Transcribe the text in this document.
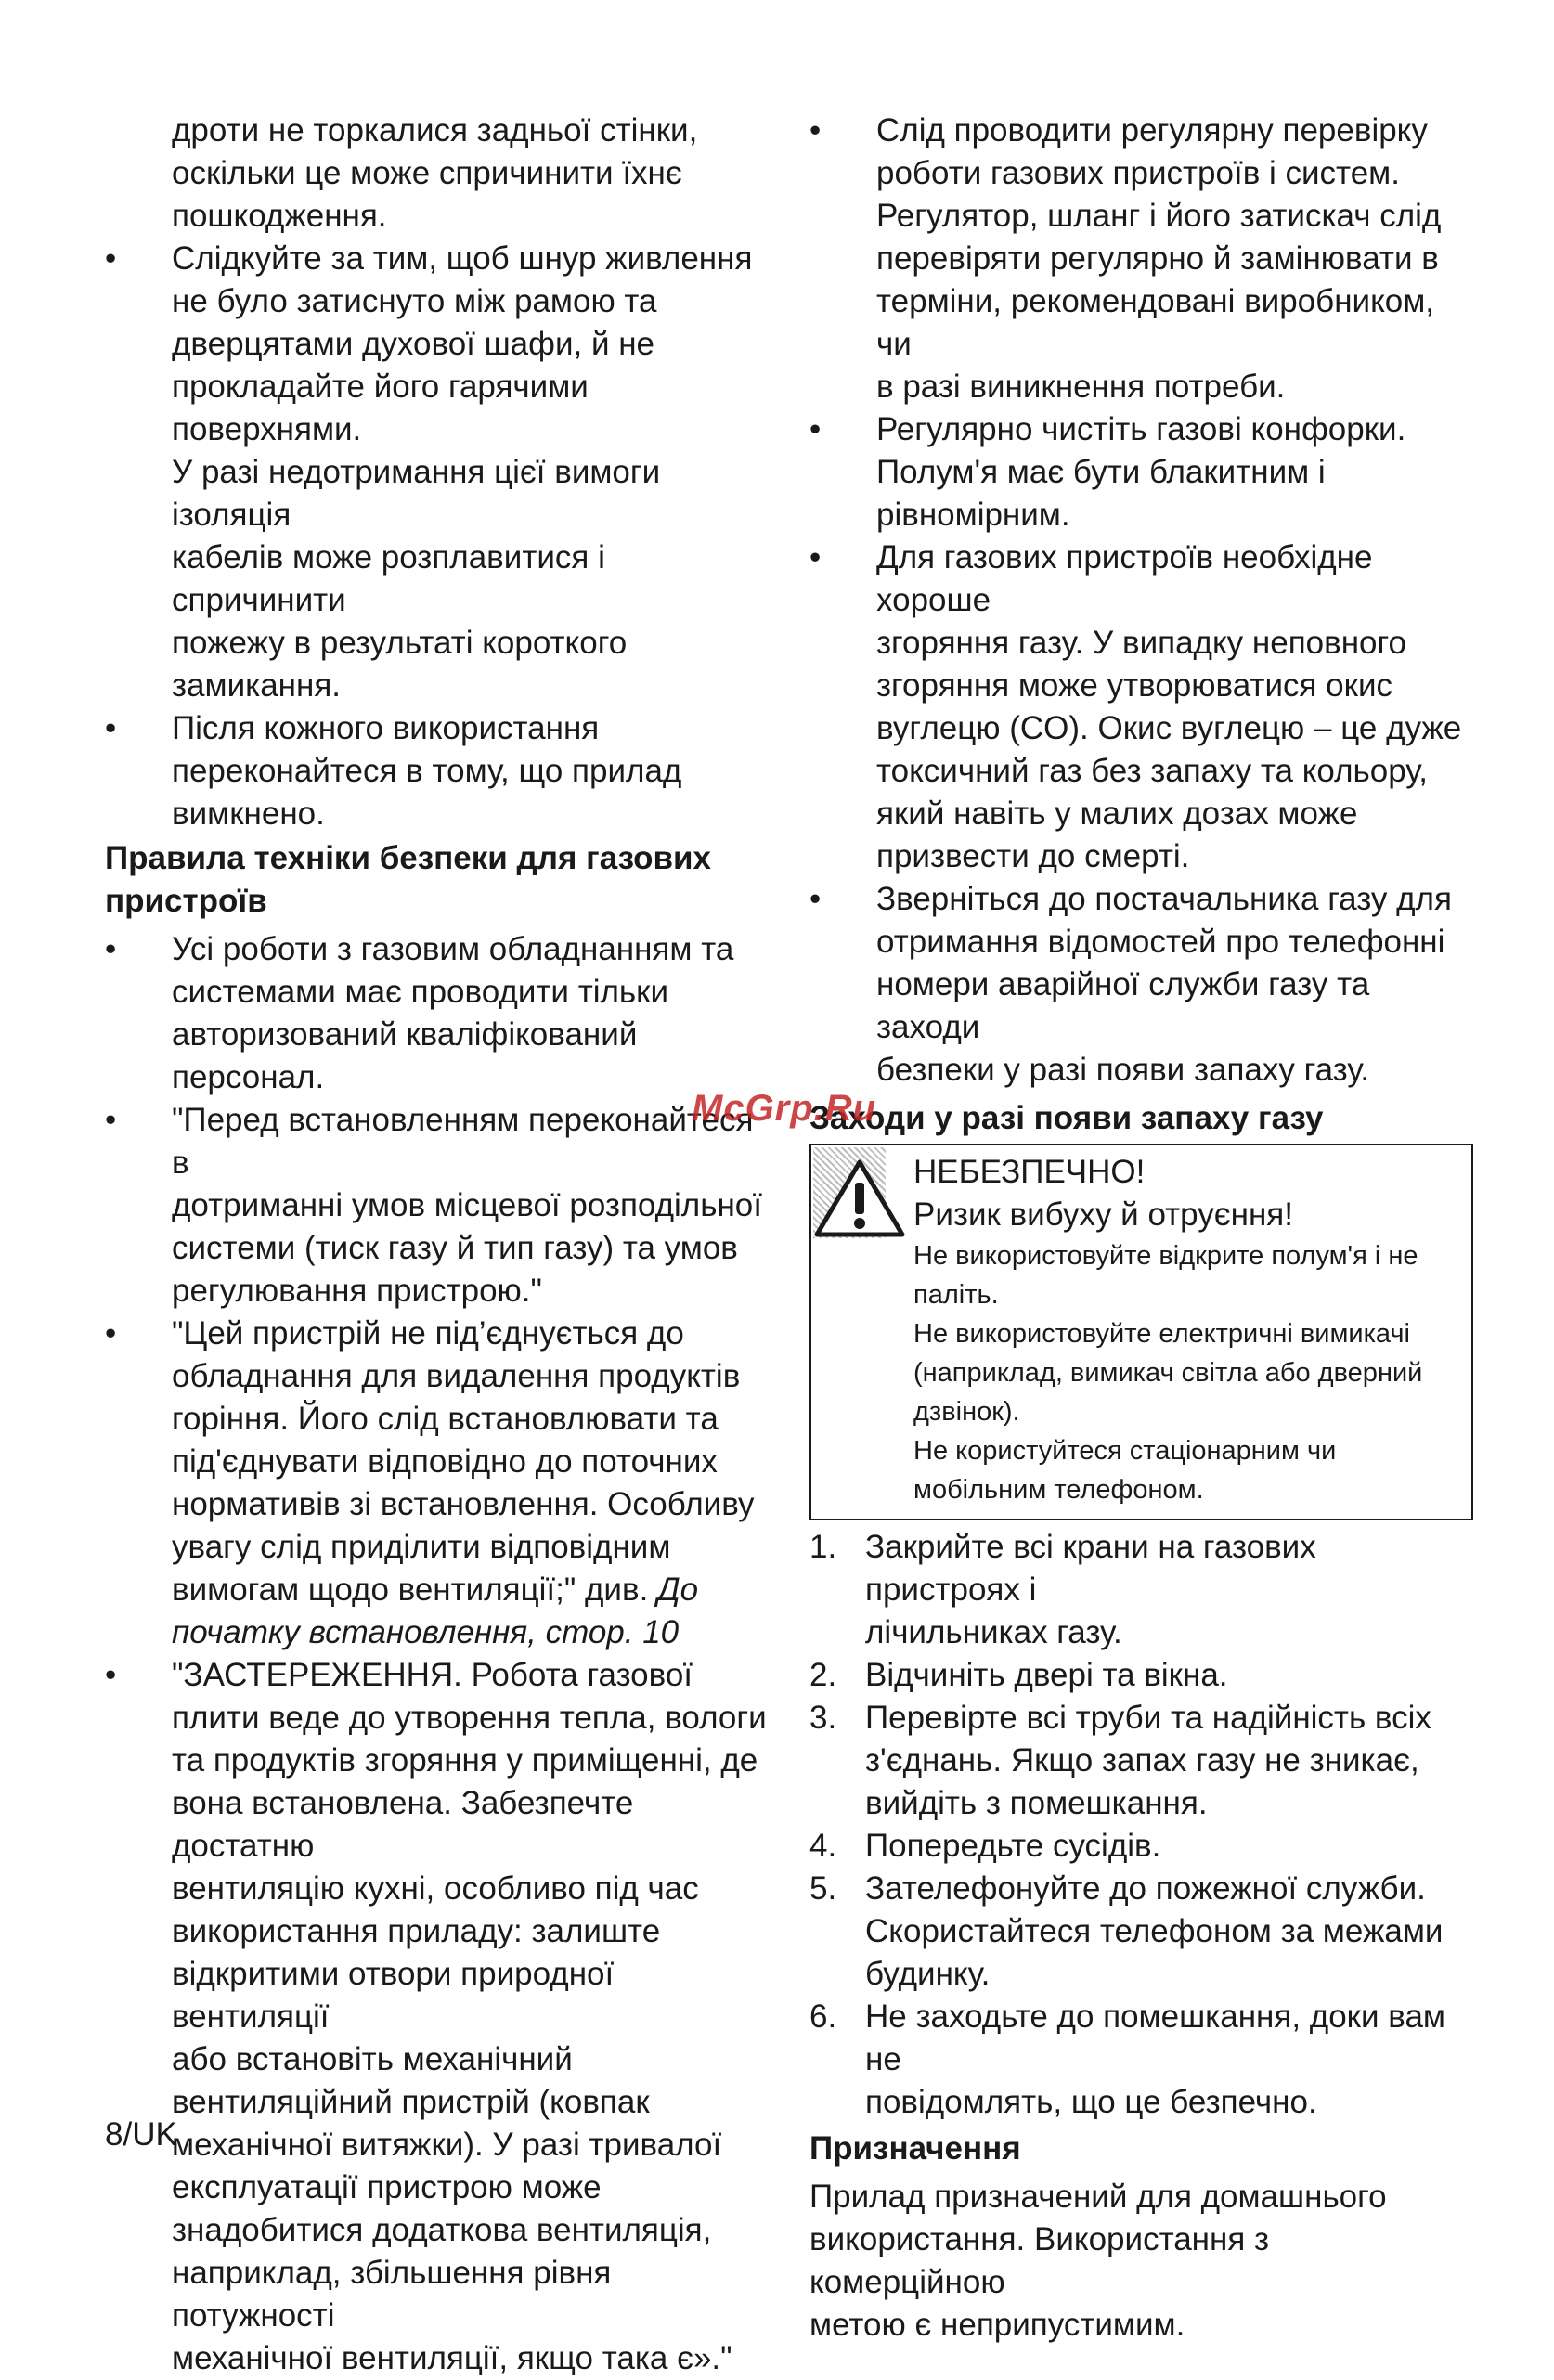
дроти не торкалися задньої стінки,
оскільки це може спричинити їхнє
пошкодження.
• Слідкуйте за тим, щоб шнур живлення
не було затиснуто між рамою та
дверцятами духової шафи, й не
прокладайте його гарячими поверхнями.
У разі недотримання цієї вимоги ізоляція
кабелів може розплавитися і спричинити
пожежу в результаті короткого
замикання.
• Після кожного використання
переконайтеся в тому, що прилад
вимкнено.
Правила техніки безпеки для газових
пристроїв
• Усі роботи з газовим обладнанням та
системами має проводити тільки
авторизований кваліфікований персонал.
• "Перед встановленням переконайтеся в
дотриманні умов місцевої розподільної
системи (тиск газу й тип газу) та умов
регулювання пристрою."
• "Цей пристрій не під’єднується до
обладнання для видалення продуктів
горіння. Його слід встановлювати та
під'єднувати відповідно до поточних
нормативів зі встановлення. Особливу
увагу слід приділити відповідним
вимогам щодо вентиляції;" див. До
початку встановлення, стор. 10
• "ЗАСТЕРЕЖЕННЯ. Робота газової
плити веде до утворення тепла, вологи
та продуктів згоряння у приміщенні, де
вона встановлена. Забезпечте достатню
вентиляцію кухні, особливо під час
використання приладу: залиште
відкритими отвори природної вентиляції
або встановіть механічний
вентиляційний пристрій (ковпак
механічної витяжки). У разі тривалої
експлуатації пристрою може
знадобитися додаткова вентиляція,
наприклад, збільшення рівня потужності
механічної вентиляції, якщо така є»."
• Слід проводити регулярну перевірку
роботи газових пристроїв і систем.
Регулятор, шланг і його затискач слід
перевіряти регулярно й замінювати в
терміни, рекомендовані виробником, чи
в разі виникнення потреби.
• Регулярно чистіть газові конфорки.
Полум'я має бути блакитним і
рівномірним.
• Для газових пристроїв необхідне хороше
згоряння газу. У випадку неповного
згоряння може утворюватися окис
вуглецю (CO). Окис вуглецю – це дуже
токсичний газ без запаху та кольору,
який навіть у малих дозах може
призвести до смерті.
• Зверніться до постачальника газу для
отримання відомостей про телефонні
номери аварійної служби газу та заходи
безпеки у разі появи запаху газу.
Заходи у разі появи запаху газу
НЕБЕЗПЕЧНО!
Ризик вибуху й отруєння!
Не використовуйте відкрите полум'я і не
паліть.
Не використовуйте електричні вимикачі
(наприклад, вимикач світла або дверний
дзвінок).
Не користуйтеся стаціонарним чи
мобільним телефоном.
1. Закрийте всі крани на газових пристроях і
лічильниках газу.
2. Відчиніть двері та вікна.
3. Перевірте всі труби та надійність всіх
з'єднань. Якщо запах газу не зникає,
вийдіть з помешкання.
4. Попередьте сусідів.
5. Зателефонуйте до пожежної служби.
Скористайтеся телефоном за межами
будинку.
6. Не заходьте до помешкання, доки вам не
повідомлять, що це безпечно.
Призначення
Прилад призначений для домашнього
використання. Використання з комерційною
метою є неприпустимим.
McGrp.Ru
8/UK
